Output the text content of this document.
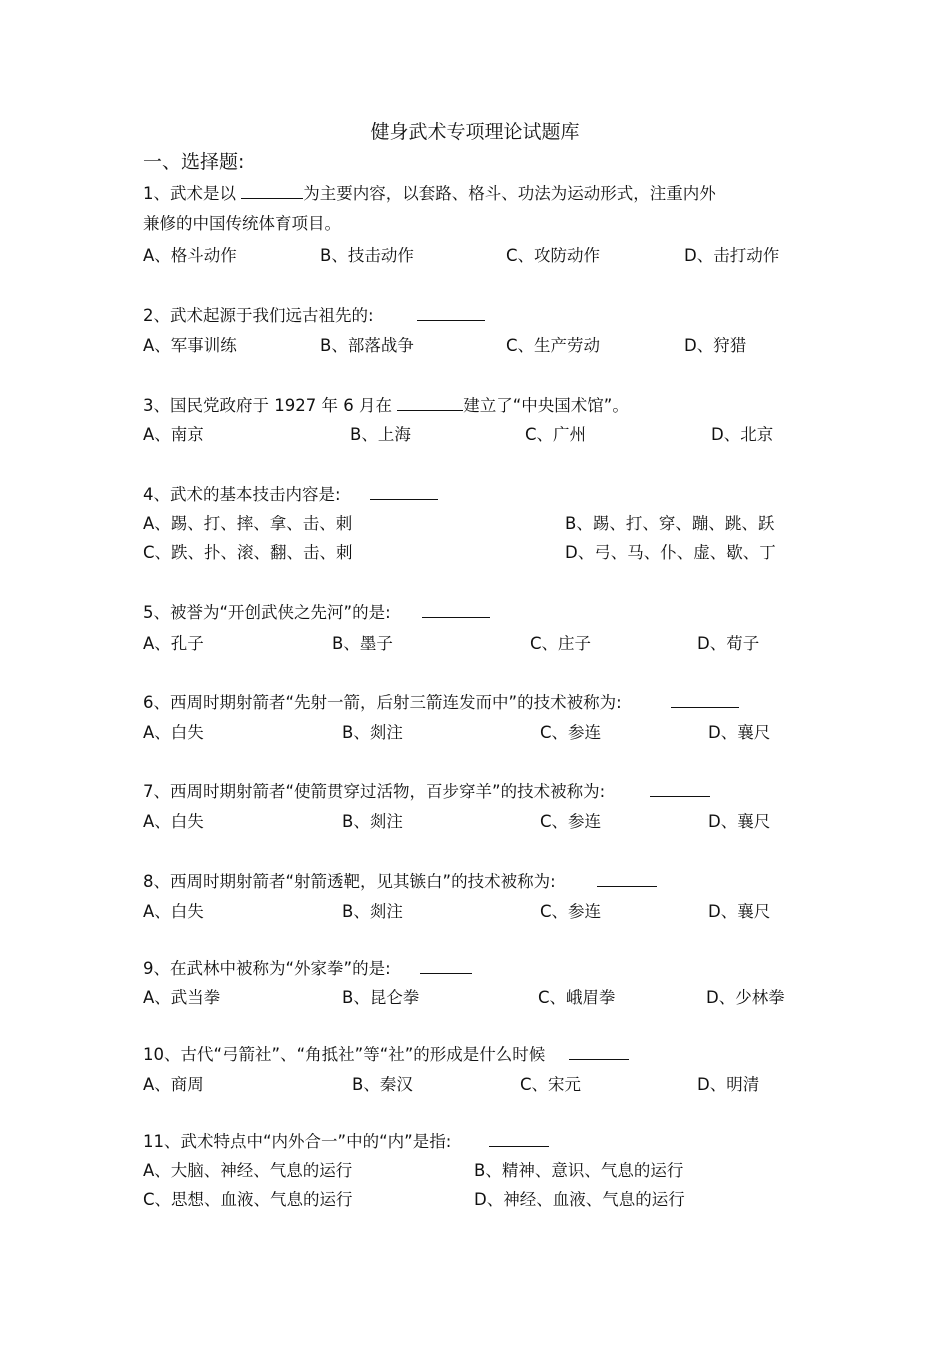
健身武术专项理论试题库
一、选择题:
1、武术是以	为主要内容，以套路、格斗、功法为运动形式，注重内外
兼修的中国传统体育项目。
A、格斗动作	B、技击动作	C、攻防动作	D、击打动作
2、武术起源于我们远古祖先的:
A、军事训练	B、部落战争	C、生产劳动	D、狩猎
3、国民党政府于 1927 年 6 月在	建立了“中央国术馆”。
A、南京	B、上海	C、广州	D、北京
4、武术的基本技击内容是:
A、踢、打、摔、拿、击、刺	B、踢、打、穿、蹦、跳、跃
C、跌、扑、滚、翻、击、刺	D、弓、马、仆、虚、歇、丁
5、被誉为“开创武侠之先河”的是:
A、孔子	B、墨子	C、庄子	D、荀子
6、西周时期射箭者“先射一箭，后射三箭连发而中”的技术被称为:
A、白失	B、剡注	C、参连	D、襄尺
7、西周时期射箭者“使箭贯穿过活物，百步穿羊”的技术被称为:
A、白失	B、剡注	C、参连	D、襄尺
8、西周时期射箭者“射箭透靶，见其镞白”的技术被称为:
A、白失	B、剡注	C、参连	D、襄尺
9、在武林中被称为“外家拳”的是:
A、武当拳	B、昆仑拳	C、峨眉拳	D、少林拳
10、古代“弓箭社”、“角抵社”等“社”的形成是什么时候
A、商周	B、秦汉	C、宋元	D、明清
11、武术特点中“内外合一”中的“内”是指:
A、大脑、神经、气息的运行	B、精神、意识、气息的运行
C、思想、血液、气息的运行	D、神经、血液、气息的运行
